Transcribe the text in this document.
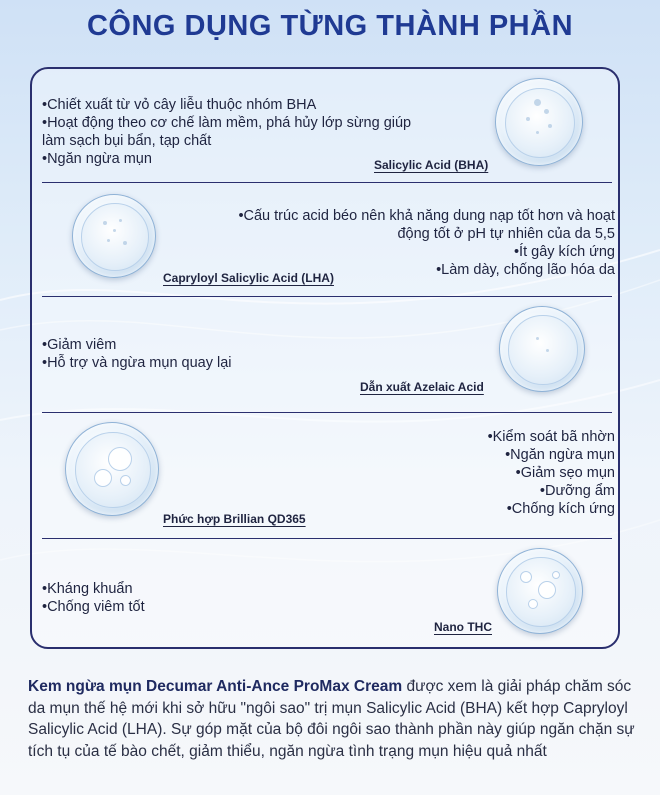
CÔNG DỤNG TỪNG THÀNH PHẦN
•Chiết xuất từ vỏ cây liễu thuộc nhóm BHA
•Hoạt động theo cơ chế làm mềm, phá hủy lớp sừng giúp
làm sạch bụi bẩn, tạp chất
•Ngăn ngừa mụn	Salicylic Acid (BHA)
•Cấu trúc acid béo nên khả năng dung nạp tốt hơn và hoạt
động tốt ở pH tự nhiên của da 5,5
•Ít gây kích ứng
•Làm dày, chống lão hóa da
Capryloyl Salicylic Acid (LHA)
•Giảm viêm
•Hỗ trợ và ngừa mụn quay lại
Dẫn xuất Azelaic Acid
•Kiểm soát bã nhờn
•Ngăn ngừa mụn
•Giảm sẹo mụn
•Dưỡng ẩm
•Chống kích ứng
Phức hợp Brillian QD365
•Kháng khuẩn
•Chống viêm tốt
Nano THC
Kem ngừa mụn Decumar Anti-Ance ProMax Cream được xem là giải pháp chăm sóc da mụn thế hệ mới khi sở hữu "ngôi sao" trị mụn Salicylic Acid (BHA) kết hợp Capryloyl Salicylic Acid (LHA). Sự góp mặt của bộ đôi ngôi sao thành phần này giúp ngăn chặn sự tích tụ của tế bào chết, giảm thiểu, ngăn ngừa tình trạng mụn hiệu quả nhất
